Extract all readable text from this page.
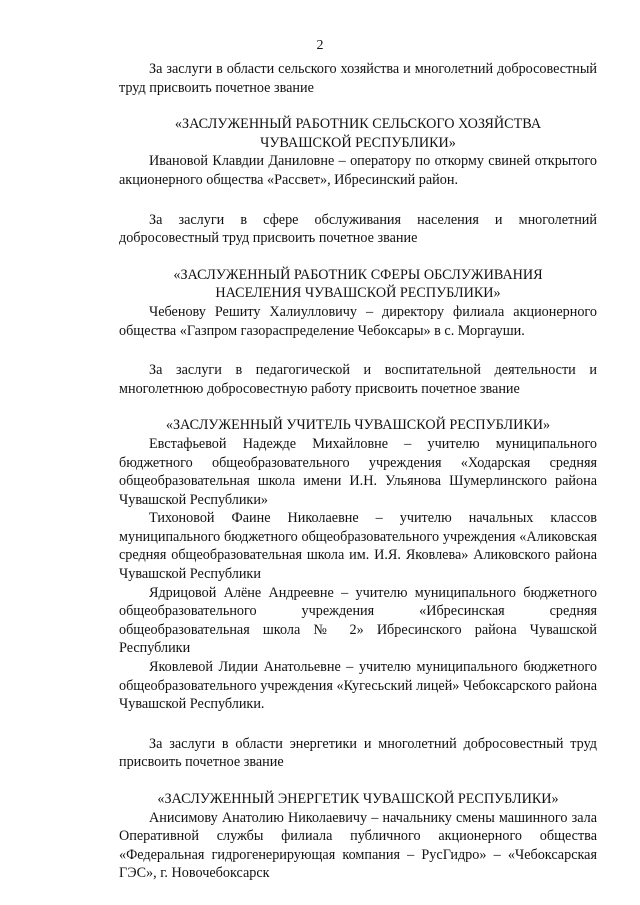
2

За заслуги в области сельского хозяйства и многолетний добросовестный труд присвоить почетное звание

«ЗАСЛУЖЕННЫЙ РАБОТНИК СЕЛЬСКОГО ХОЗЯЙСТВА
ЧУВАШСКОЙ РЕСПУБЛИКИ»

Ивановой Клавдии Даниловне – оператору по откорму свиней открытого акционерного общества «Рассвет», Ибресинский район.

За заслуги в сфере обслуживания населения и многолетний добросовестный труд присвоить почетное звание

«ЗАСЛУЖЕННЫЙ РАБОТНИК СФЕРЫ ОБСЛУЖИВАНИЯ
НАСЕЛЕНИЯ ЧУВАШСКОЙ РЕСПУБЛИКИ»

Чебенову Решиту Халиулловичу – директору филиала акционерного общества «Газпром газораспределение Чебоксары» в с. Моргауши.

За заслуги в педагогической и воспитательной деятельности и многолетнюю добросовестную работу присвоить почетное звание

«ЗАСЛУЖЕННЫЙ УЧИТЕЛЬ ЧУВАШСКОЙ РЕСПУБЛИКИ»

Евстафьевой Надежде Михайловне – учителю муниципального бюджетного общеобразовательного учреждения «Ходарская средняя общеобразовательная школа имени И.Н. Ульянова Шумерлинского района Чувашской Республики»

Тихоновой Фаине Николаевне – учителю начальных классов муниципального бюджетного общеобразовательного учреждения «Аликовская средняя общеобразовательная школа им. И.Я. Яковлева» Аликовского района Чувашской Республики

Ядрицовой Алёне Андреевне – учителю муниципального бюджетного общеобразовательного учреждения «Ибресинская средняя общеобразовательная школа № 2» Ибресинского района Чувашской Республики

Яковлевой Лидии Анатольевне – учителю муниципального бюджетного общеобразовательного учреждения «Кугесьский лицей» Чебоксарского района Чувашской Республики.

За заслуги в области энергетики и многолетний добросовестный труд присвоить почетное звание

«ЗАСЛУЖЕННЫЙ ЭНЕРГЕТИК ЧУВАШСКОЙ РЕСПУБЛИКИ»

Анисимову Анатолию Николаевичу – начальнику смены машинного зала Оперативной службы филиала публичного акционерного общества «Федеральная гидрогенерирующая компания – РусГидро» – «Чебоксарская ГЭС», г. Новочебоксарск
